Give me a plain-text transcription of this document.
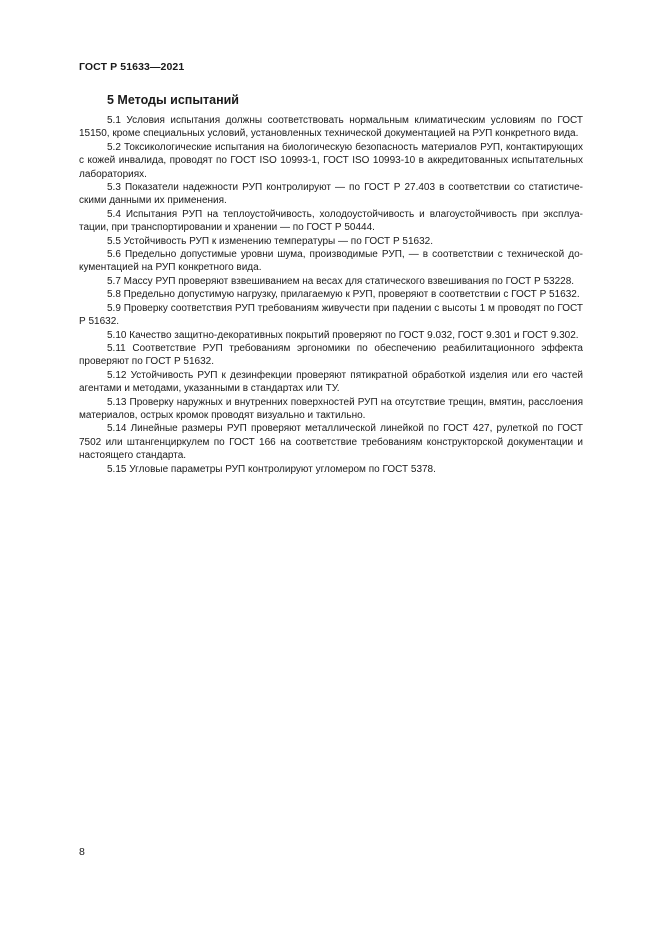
ГОСТ Р 51633—2021
5 Методы испытаний

5.1 Условия испытания должны соответствовать нормальным климатическим условиям по ГОСТ 15150, кроме специальных условий, установленных технической документацией на РУП конкретного вида.

5.2 Токсикологические испытания на биологическую безопасность материалов РУП, контактирующих с кожей инвалида, проводят по ГОСТ ISO 10993-1, ГОСТ ISO 10993-10 в аккредитованных испытательных лабораториях.

5.3 Показатели надежности РУП контролируют — по ГОСТ Р 27.403 в соответствии со статистическими данными их применения.

5.4 Испытания РУП на теплоустойчивость, холодоустойчивость и влагоустойчивость при эксплуатации, при транспортировании и хранении — по ГОСТ Р 50444.

5.5 Устойчивость РУП к изменению температуры — по ГОСТ Р 51632.

5.6 Предельно допустимые уровни шума, производимые РУП, — в соответствии с технической документацией на РУП конкретного вида.

5.7 Массу РУП проверяют взвешиванием на весах для статического взвешивания по ГОСТ Р 53228.

5.8 Предельно допустимую нагрузку, прилагаемую к РУП, проверяют в соответствии с ГОСТ Р 51632.

5.9 Проверку соответствия РУП требованиям живучести при падении с высоты 1 м проводят по ГОСТ Р 51632.

5.10 Качество защитно-декоративных покрытий проверяют по ГОСТ 9.032, ГОСТ 9.301 и ГОСТ 9.302.

5.11 Соответствие РУП требованиям эргономики по обеспечению реабилитационного эффекта проверяют по ГОСТ Р 51632.

5.12 Устойчивость РУП к дезинфекции проверяют пятикратной обработкой изделия или его частей агентами и методами, указанными в стандартах или ТУ.

5.13 Проверку наружных и внутренних поверхностей РУП на отсутствие трещин, вмятин, расслоения материалов, острых кромок проводят визуально и тактильно.

5.14 Линейные размеры РУП проверяют металлической линейкой по ГОСТ 427, рулеткой по ГОСТ 7502 или штангенциркулем по ГОСТ 166 на соответствие требованиям конструкторской документации и настоящего стандарта.

5.15 Угловые параметры РУП контролируют угломером по ГОСТ 5378.

8
